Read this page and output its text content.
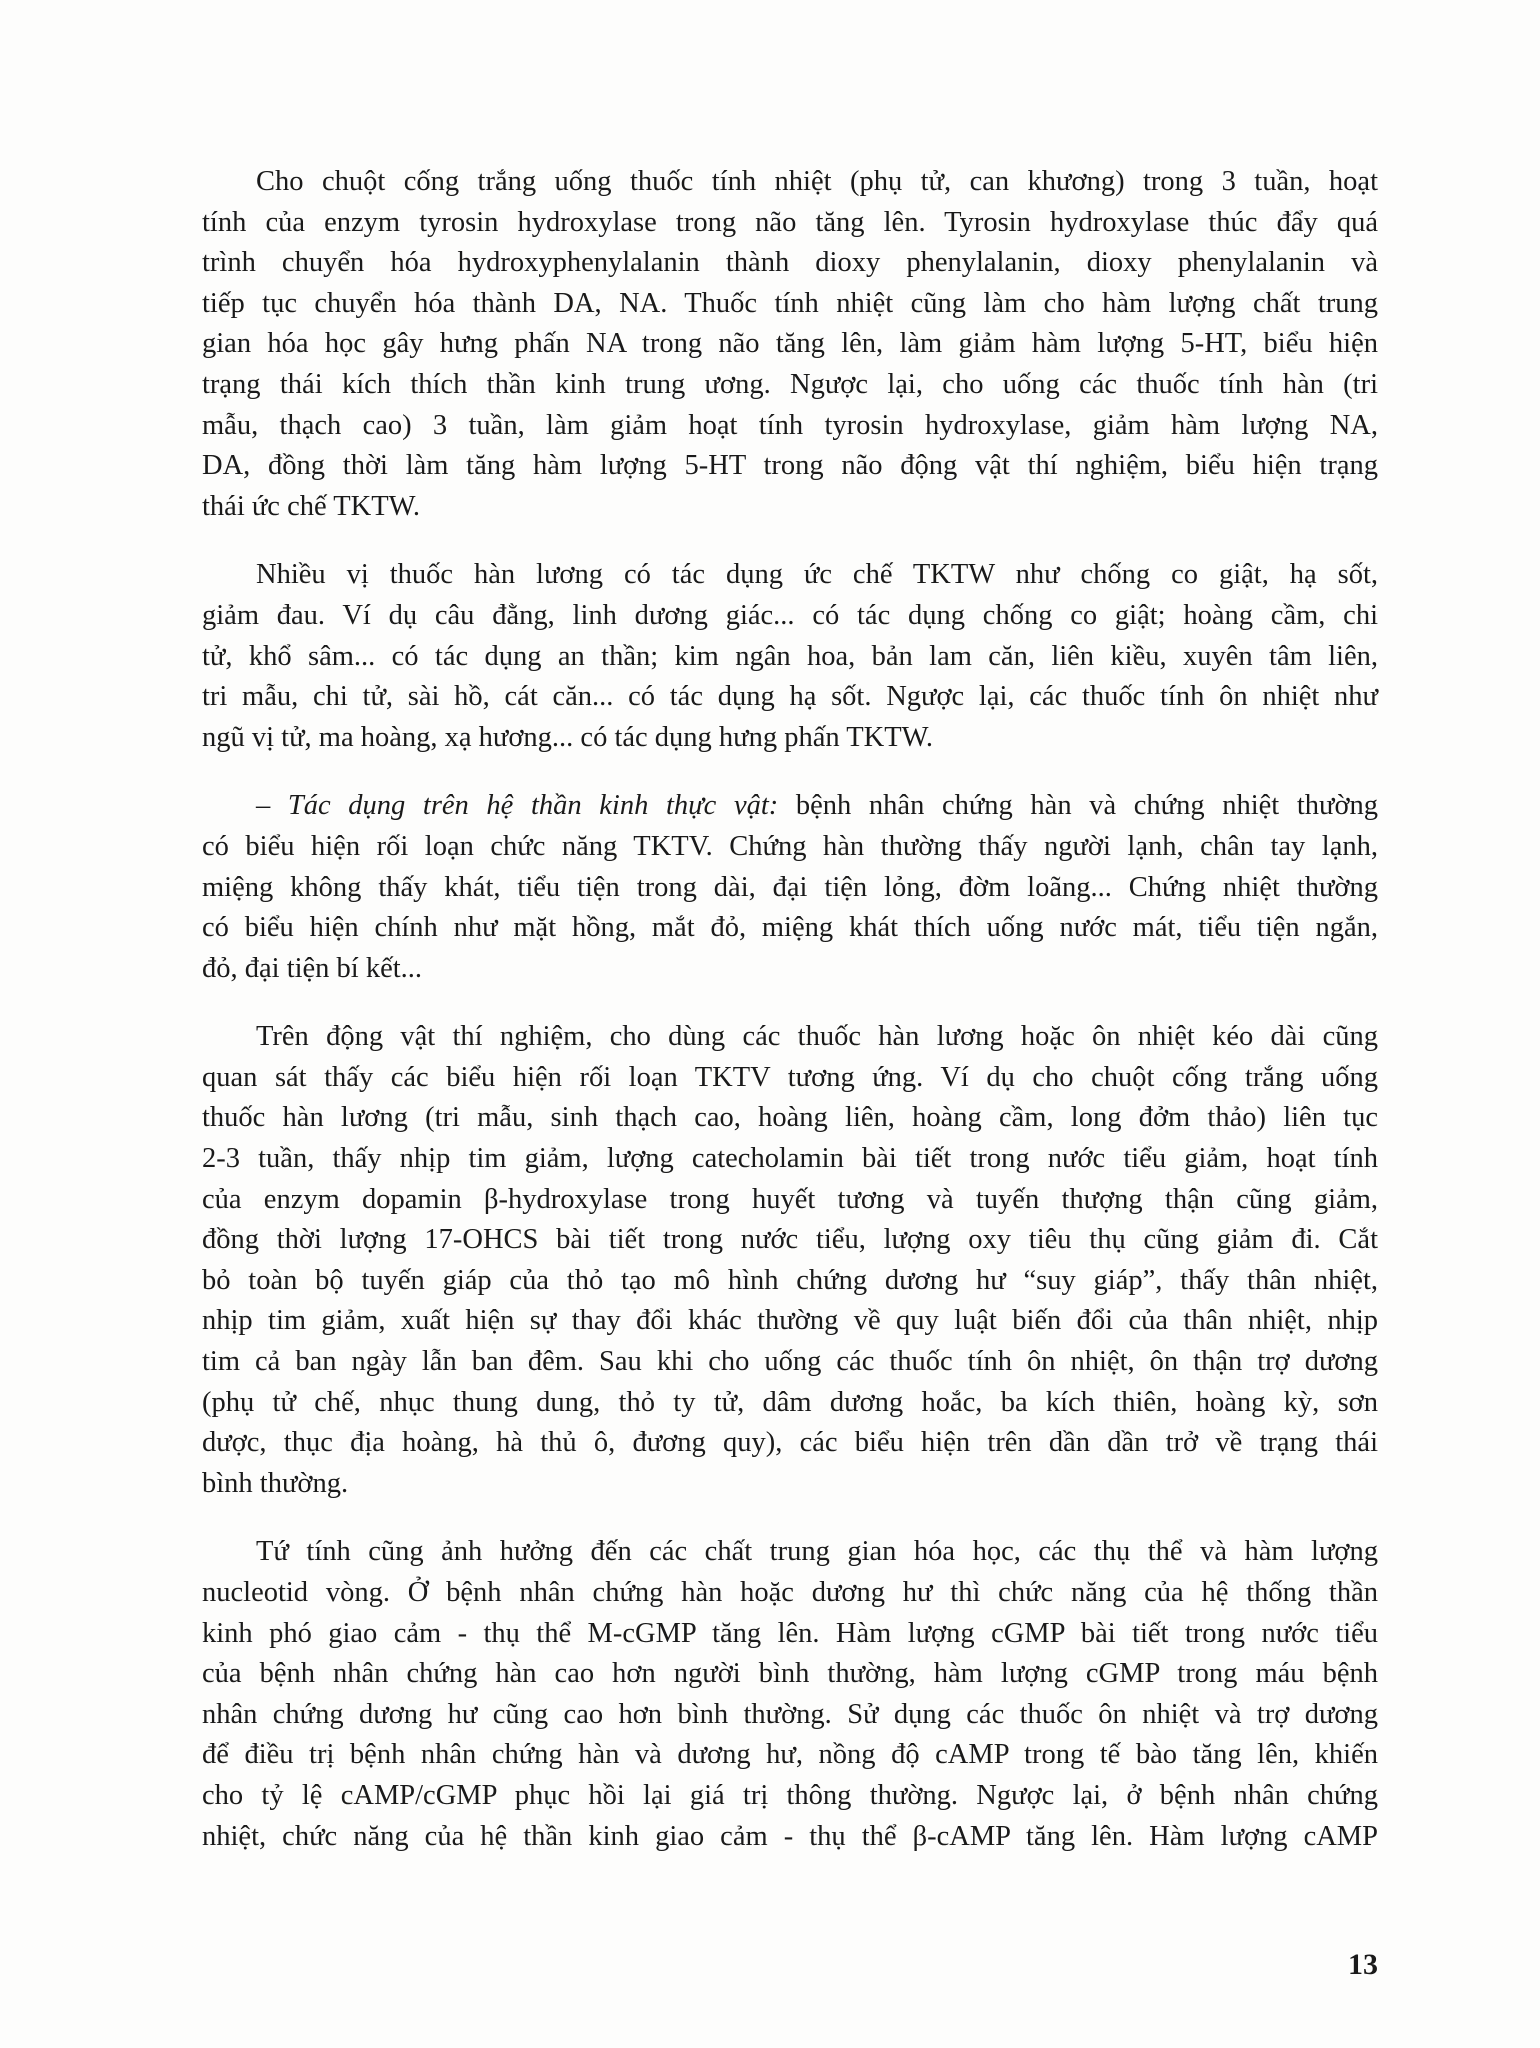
Cho chuột cống trắng uống thuốc tính nhiệt (phụ tử, can khương) trong 3 tuần, hoạt
tính của enzym tyrosin hydroxylase trong não tăng lên. Tyrosin hydroxylase thúc đẩy quá
trình chuyển hóa hydroxyphenylalanin thành dioxy phenylalanin, dioxy phenylalanin và
tiếp tục chuyển hóa thành DA, NA. Thuốc tính nhiệt cũng làm cho hàm lượng chất trung
gian hóa học gây hưng phấn NA trong não tăng lên, làm giảm hàm lượng 5-HT, biểu hiện
trạng thái kích thích thần kinh trung ương. Ngược lại, cho uống các thuốc tính hàn (tri
mẫu, thạch cao) 3 tuần, làm giảm hoạt tính tyrosin hydroxylase, giảm hàm lượng NA,
DA, đồng thời làm tăng hàm lượng 5-HT trong não động vật thí nghiệm, biểu hiện trạng
thái ức chế TKTW.
Nhiều vị thuốc hàn lương có tác dụng ức chế TKTW như chống co giật, hạ sốt,
giảm đau. Ví dụ câu đằng, linh dương giác... có tác dụng chống co giật; hoàng cầm, chi
tử, khổ sâm... có tác dụng an thần; kim ngân hoa, bản lam căn, liên kiều, xuyên tâm liên,
tri mẫu, chi tử, sài hồ, cát căn... có tác dụng hạ sốt. Ngược lại, các thuốc tính ôn nhiệt như
ngũ vị tử, ma hoàng, xạ hương... có tác dụng hưng phấn TKTW.
– Tác dụng trên hệ thần kinh thực vật: bệnh nhân chứng hàn và chứng nhiệt thường
có biểu hiện rối loạn chức năng TKTV. Chứng hàn thường thấy người lạnh, chân tay lạnh,
miệng không thấy khát, tiểu tiện trong dài, đại tiện lỏng, đờm loãng... Chứng nhiệt thường
có biểu hiện chính như mặt hồng, mắt đỏ, miệng khát thích uống nước mát, tiểu tiện ngắn,
đỏ, đại tiện bí kết...
Trên động vật thí nghiệm, cho dùng các thuốc hàn lương hoặc ôn nhiệt kéo dài cũng
quan sát thấy các biểu hiện rối loạn TKTV tương ứng. Ví dụ cho chuột cống trắng uống
thuốc hàn lương (tri mẫu, sinh thạch cao, hoàng liên, hoàng cầm, long đởm thảo) liên tục
2-3 tuần, thấy nhịp tim giảm, lượng catecholamin bài tiết trong nước tiểu giảm, hoạt tính
của enzym dopamin β-hydroxylase trong huyết tương và tuyến thượng thận cũng giảm,
đồng thời lượng 17-OHCS bài tiết trong nước tiểu, lượng oxy tiêu thụ cũng giảm đi. Cắt
bỏ toàn bộ tuyến giáp của thỏ tạo mô hình chứng dương hư “suy giáp”, thấy thân nhiệt,
nhịp tim giảm, xuất hiện sự thay đổi khác thường về quy luật biến đổi của thân nhiệt, nhịp
tim cả ban ngày lẫn ban đêm. Sau khi cho uống các thuốc tính ôn nhiệt, ôn thận trợ dương
(phụ tử chế, nhục thung dung, thỏ ty tử, dâm dương hoắc, ba kích thiên, hoàng kỳ, sơn
dược, thục địa hoàng, hà thủ ô, đương quy), các biểu hiện trên dần dần trở về trạng thái
bình thường.
Tứ tính cũng ảnh hưởng đến các chất trung gian hóa học, các thụ thể và hàm lượng
nucleotid vòng. Ở bệnh nhân chứng hàn hoặc dương hư thì chức năng của hệ thống thần
kinh phó giao cảm - thụ thể M-cGMP tăng lên. Hàm lượng cGMP bài tiết trong nước tiểu
của bệnh nhân chứng hàn cao hơn người bình thường, hàm lượng cGMP trong máu bệnh
nhân chứng dương hư cũng cao hơn bình thường. Sử dụng các thuốc ôn nhiệt và trợ dương
để điều trị bệnh nhân chứng hàn và dương hư, nồng độ cAMP trong tế bào tăng lên, khiến
cho tỷ lệ cAMP/cGMP phục hồi lại giá trị thông thường. Ngược lại, ở bệnh nhân chứng
nhiệt, chức năng của hệ thần kinh giao cảm - thụ thể β-cAMP tăng lên. Hàm lượng cAMP
13
